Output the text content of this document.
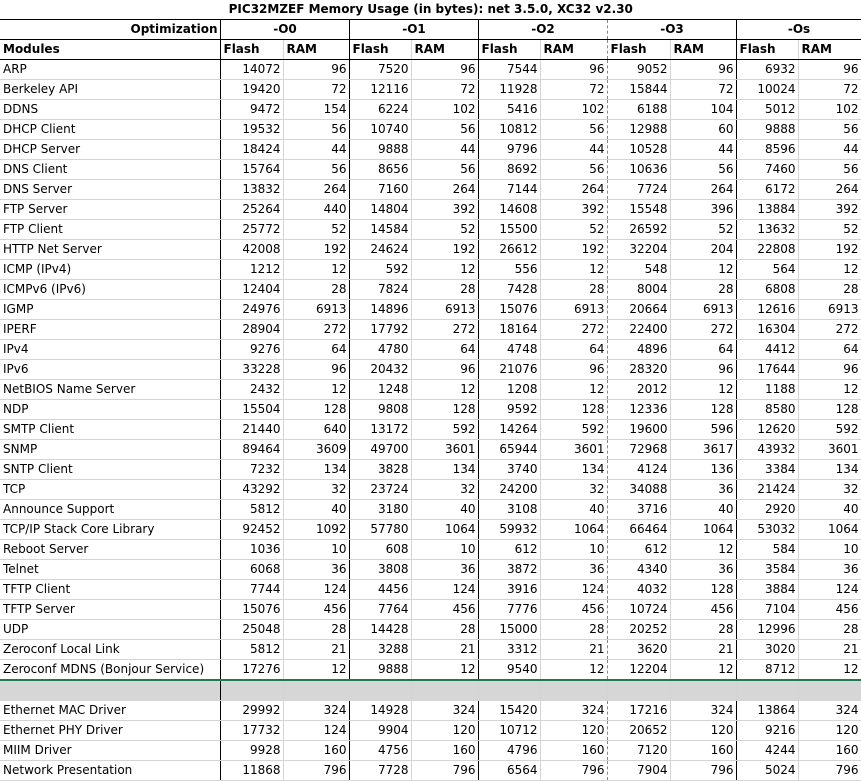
PIC32MZEF Memory Usage (in bytes): net 3.5.0, XC32 v2.30										
Optimization	-O0		-O1		-O2		-O3		-Os	
Modules	Flash	RAM	Flash	RAM	Flash	RAM	Flash	RAM	Flash	RAM
ARP	14072	96	7520	96	7544	96	9052	96	6932	96
Berkeley API	19420	72	12116	72	11928	72	15844	72	10024	72
DDNS	9472	154	6224	102	5416	102	6188	104	5012	102
DHCP Client	19532	56	10740	56	10812	56	12988	60	9888	56
DHCP Server	18424	44	9888	44	9796	44	10528	44	8596	44
DNS Client	15764	56	8656	56	8692	56	10636	56	7460	56
DNS Server	13832	264	7160	264	7144	264	7724	264	6172	264
FTP Server	25264	440	14804	392	14608	392	15548	396	13884	392
FTP Client	25772	52	14584	52	15500	52	26592	52	13632	52
HTTP Net Server	42008	192	24624	192	26612	192	32204	204	22808	192
ICMP (IPv4)	1212	12	592	12	556	12	548	12	564	12
ICMPv6 (IPv6)	12404	28	7824	28	7428	28	8004	28	6808	28
IGMP	24976	6913	14896	6913	15076	6913	20664	6913	12616	6913
IPERF	28904	272	17792	272	18164	272	22400	272	16304	272
IPv4	9276	64	4780	64	4748	64	4896	64	4412	64
IPv6	33228	96	20432	96	21076	96	28320	96	17644	96
NetBIOS Name Server	2432	12	1248	12	1208	12	2012	12	1188	12
NDP	15504	128	9808	128	9592	128	12336	128	8580	128
SMTP Client	21440	640	13172	592	14264	592	19600	596	12620	592
SNMP	89464	3609	49700	3601	65944	3601	72968	3617	43932	3601
SNTP Client	7232	134	3828	134	3740	134	4124	136	3384	134
TCP	43292	32	23724	32	24200	32	34088	36	21424	32
Announce Support	5812	40	3180	40	3108	40	3716	40	2920	40
TCP/IP Stack Core Library	92452	1092	57780	1064	59932	1064	66464	1064	53032	1064
Reboot Server	1036	10	608	10	612	10	612	12	584	10
Telnet	6068	36	3808	36	3872	36	4340	36	3584	36
TFTP Client	7744	124	4456	124	3916	124	4032	128	3884	124
TFTP Server	15076	456	7764	456	7776	456	10724	456	7104	456
UDP	25048	28	14428	28	15000	28	20252	28	12996	28
Zeroconf Local Link	5812	21	3288	21	3312	21	3620	21	3020	21
Zeroconf MDNS (Bonjour Service)	17276	12	9888	12	9540	12	12204	12	8712	12

Ethernet MAC Driver	29992	324	14928	324	15420	324	17216	324	13864	324
Ethernet PHY Driver	17732	124	9904	120	10712	120	20652	120	9216	120
MIIM Driver	9928	160	4756	160	4796	160	7120	160	4244	160
Network Presentation	11868	796	7728	796	6564	796	7904	796	5024	796
